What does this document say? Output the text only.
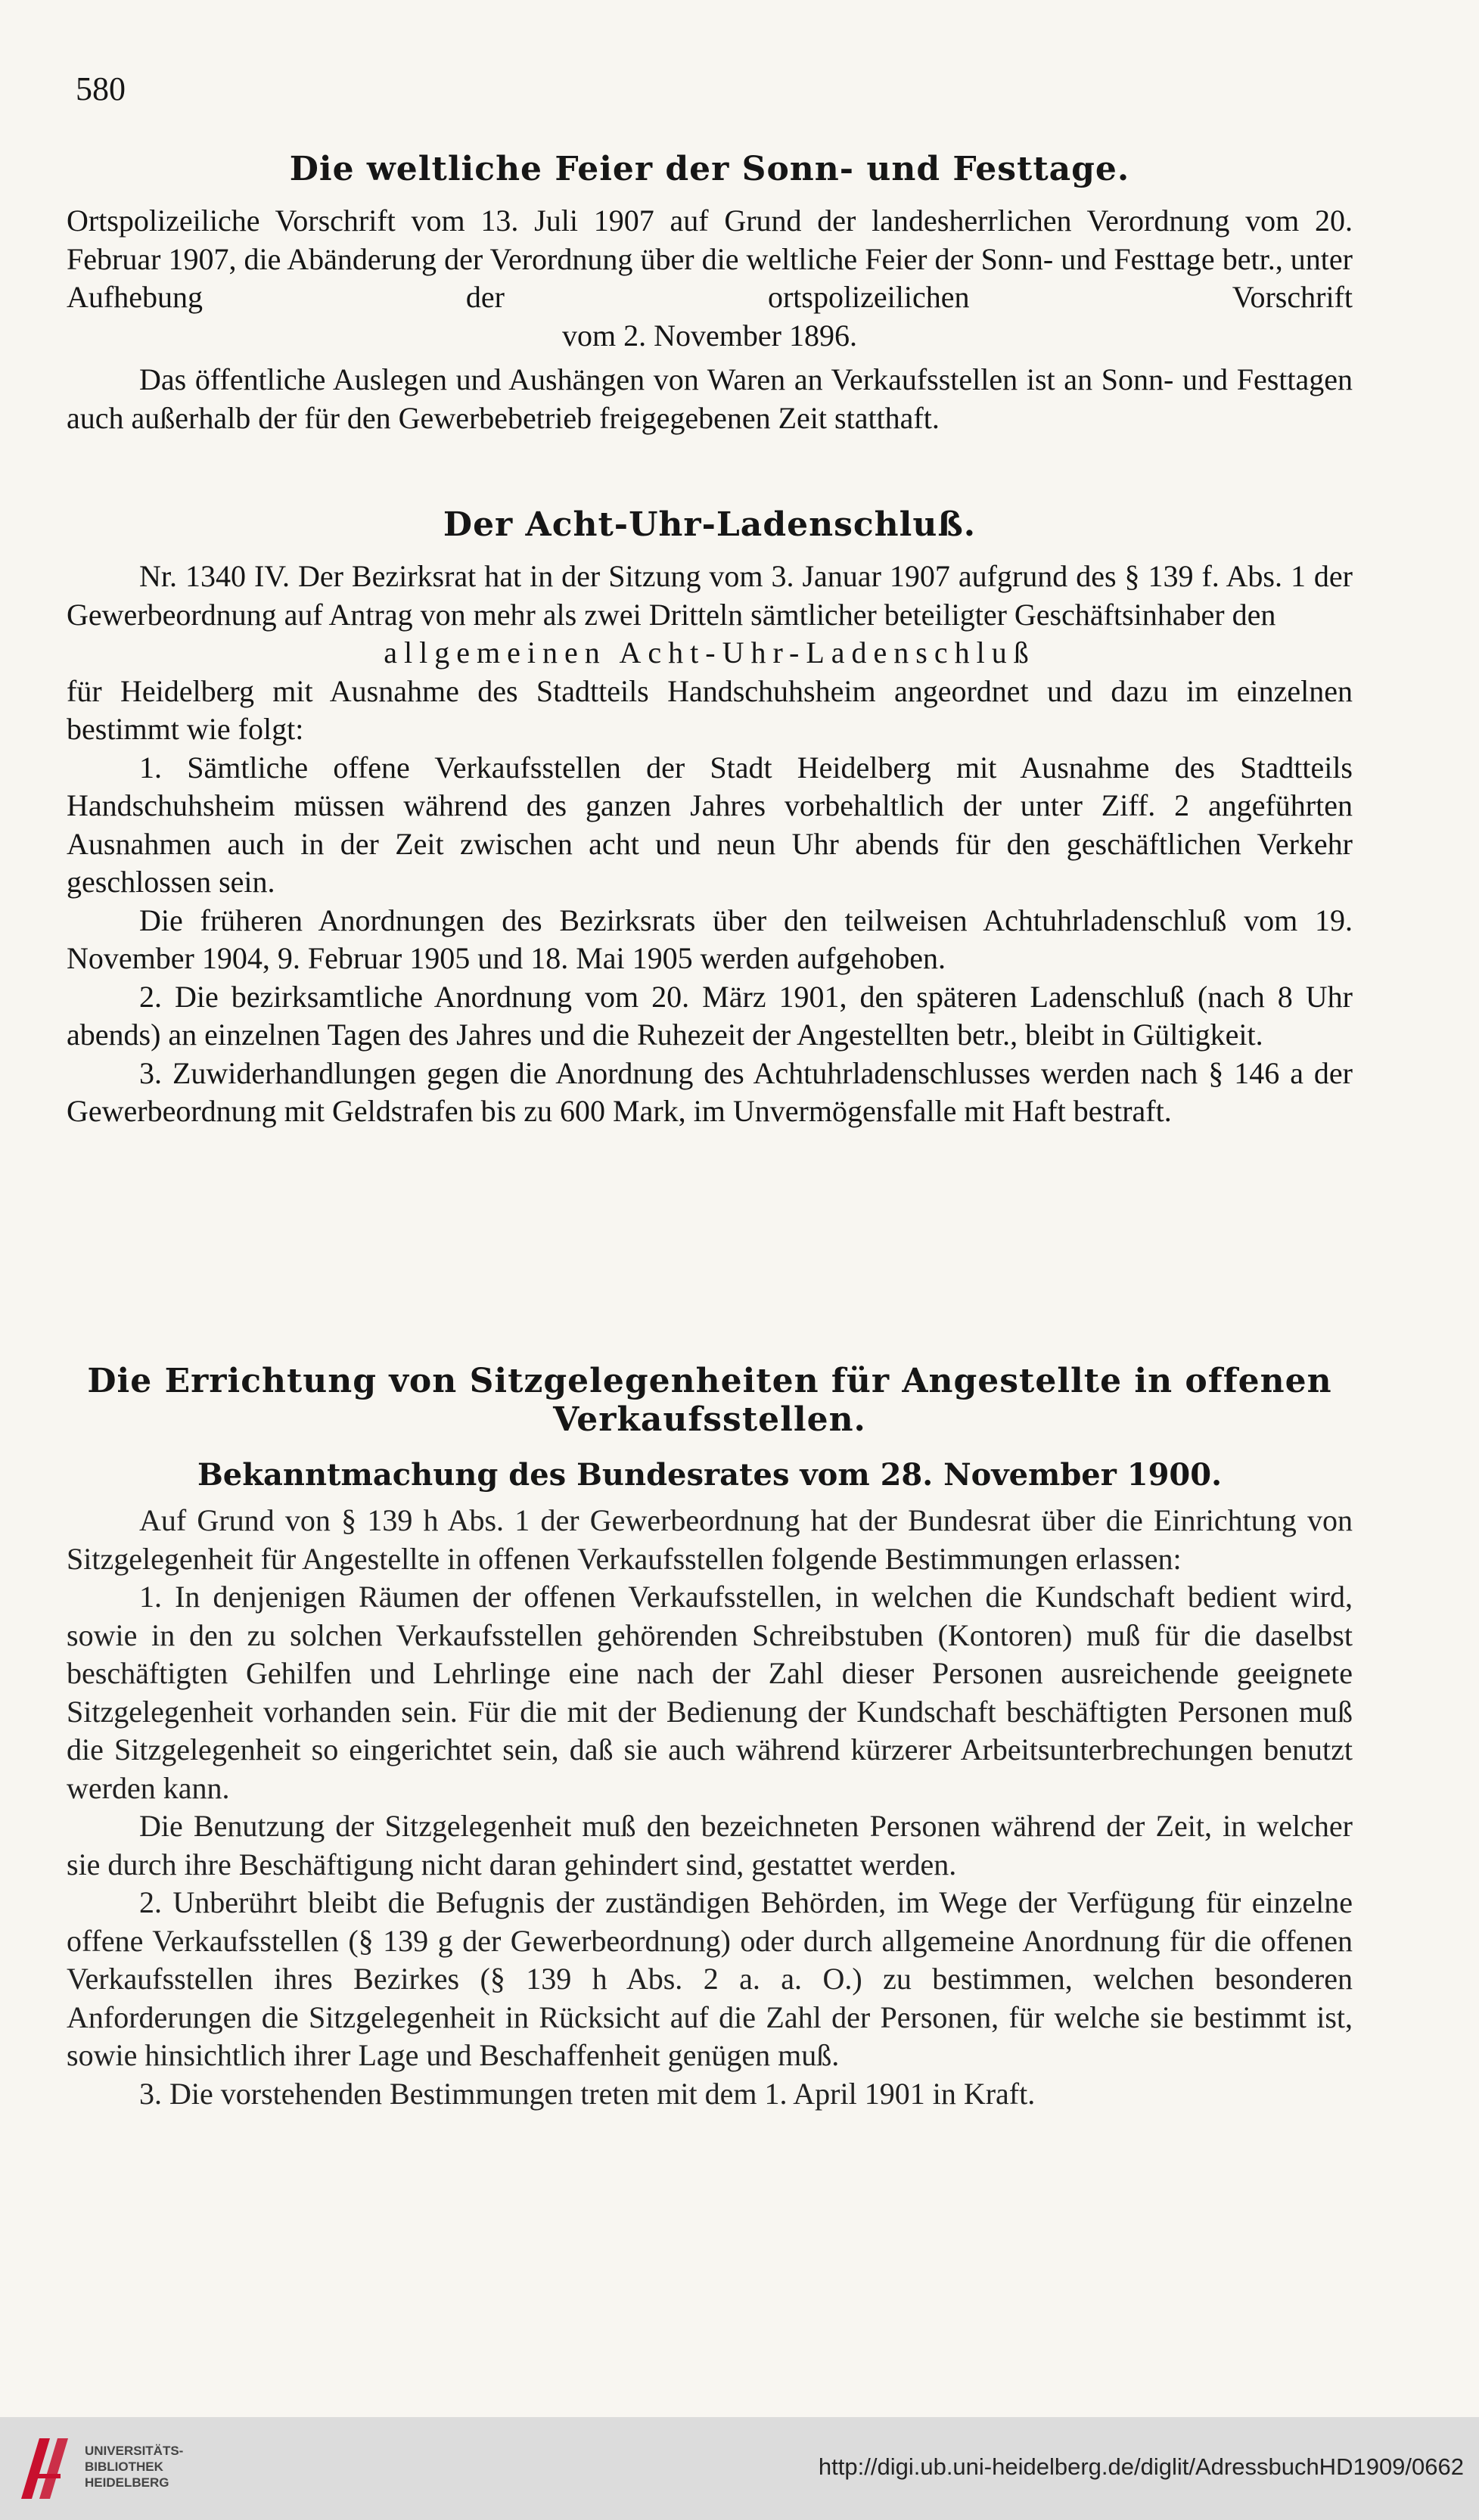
580
Die weltliche Feier der Sonn- und Festtage.

Ortspolizeiliche Vorschrift vom 13. Juli 1907 auf Grund der landesherrlichen Verordnung vom 20. Februar 1907, die Abänderung der Verordnung über die weltliche Feier der Sonn- und Festtage betr., unter Aufhebung der ortspolizeilichen Vorschrift

vom 2. November 1896.

Das öffentliche Auslegen und Aushängen von Waren an Verkaufsstellen ist an Sonn- und Festtagen auch außerhalb der für den Gewerbebetrieb freigegebenen Zeit statthaft.

Der Acht-Uhr-Ladenschluß.

Nr. 1340 IV. Der Bezirksrat hat in der Sitzung vom 3. Januar 1907 aufgrund des § 139 f. Abs. 1 der Gewerbeordnung auf Antrag von mehr als zwei Dritteln sämtlicher beteiligter Geschäftsinhaber den

allgemeinen Acht-Uhr-Ladenschluß

für Heidelberg mit Ausnahme des Stadtteils Handschuhsheim angeordnet und dazu im einzelnen bestimmt wie folgt:

1. Sämtliche offene Verkaufsstellen der Stadt Heidelberg mit Ausnahme des Stadtteils Handschuhsheim müssen während des ganzen Jahres vorbehaltlich der unter Ziff. 2 angeführten Ausnahmen auch in der Zeit zwischen acht und neun Uhr abends für den geschäftlichen Verkehr geschlossen sein.

Die früheren Anordnungen des Bezirksrats über den teilweisen Achtuhrladenschluß vom 19. November 1904, 9. Februar 1905 und 18. Mai 1905 werden aufgehoben.

2. Die bezirksamtliche Anordnung vom 20. März 1901, den späteren Ladenschluß (nach 8 Uhr abends) an einzelnen Tagen des Jahres und die Ruhezeit der Angestellten betr., bleibt in Gültigkeit.

3. Zuwiderhandlungen gegen die Anordnung des Achtuhrladenschlusses werden nach § 146 a der Gewerbeordnung mit Geldstrafen bis zu 600 Mark, im Unvermögensfalle mit Haft bestraft.

Die Errichtung von Sitzgelegenheiten für Angestellte in offenen
Verkaufsstellen.
Bekanntmachung des Bundesrates vom 28. November 1900.

Auf Grund von § 139 h Abs. 1 der Gewerbeordnung hat der Bundesrat über die Einrichtung von Sitzgelegenheit für Angestellte in offenen Verkaufsstellen folgende Bestimmungen erlassen:

1. In denjenigen Räumen der offenen Verkaufsstellen, in welchen die Kundschaft bedient wird, sowie in den zu solchen Verkaufsstellen gehörenden Schreibstuben (Kontoren) muß für die daselbst beschäftigten Gehilfen und Lehrlinge eine nach der Zahl dieser Personen ausreichende geeignete Sitzgelegenheit vorhanden sein. Für die mit der Bedienung der Kundschaft beschäftigten Personen muß die Sitzgelegenheit so eingerichtet sein, daß sie auch während kürzerer Arbeitsunterbrechungen benutzt werden kann.

Die Benutzung der Sitzgelegenheit muß den bezeichneten Personen während der Zeit, in welcher sie durch ihre Beschäftigung nicht daran gehindert sind, gestattet werden.

2. Unberührt bleibt die Befugnis der zuständigen Behörden, im Wege der Verfügung für einzelne offene Verkaufsstellen (§ 139 g der Gewerbeordnung) oder durch allgemeine Anordnung für die offenen Verkaufsstellen ihres Bezirkes (§ 139 h Abs. 2 a. a. O.) zu bestimmen, welchen besonderen Anforderungen die Sitzgelegenheit in Rücksicht auf die Zahl der Personen, für welche sie bestimmt ist, sowie hinsichtlich ihrer Lage und Beschaffenheit genügen muß.

3. Die vorstehenden Bestimmungen treten mit dem 1. April 1901 in Kraft.

UNIVERSITÄTS-
BIBLIOTHEK
HEIDELBERG
http://digi.ub.uni-heidelberg.de/diglit/AdressbuchHD1909/0662
